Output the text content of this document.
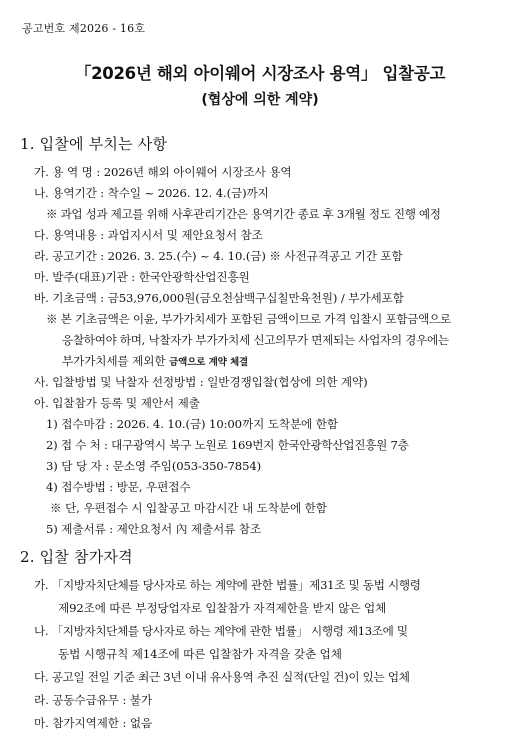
공고번호 제2026 - 16호
「2026년 해외 아이웨어 시장조사 용역」 입찰공고
(협상에 의한 계약)
1. 입찰에 부치는 사항
가. 용 역 명 : 2026년 해외 아이웨어 시장조사 용역
나. 용역기간 : 착수일 ~ 2026. 12. 4.(금)까지
※ 과업 성과 제고를 위해 사후관리기간은 용역기간 종료 후 3개월 정도 진행 예정
다. 용역내용 : 과업지시서 및 제안요청서 참조
라. 공고기간 : 2026. 3. 25.(수) ~ 4. 10.(금) ※ 사전규격공고 기간 포함
마. 발주(대표)기관 : 한국안광학산업진흥원
바. 기초금액 : 금53,976,000원(금오천삼백구십칠만육천원) / 부가세포함
※ 본 기초금액은 이윤, 부가가치세가 포함된 금액이므로 가격 입찰시 포함금액으로
응찰하여야 하며, 낙찰자가 부가가치세 신고의무가 면제되는 사업자의 경우에는
부가가치세를 제외한 금액으로 계약 체결
사. 입찰방법 및 낙찰자 선정방법 : 일반경쟁입찰(협상에 의한 계약)
아. 입찰참가 등록 및 제안서 제출
1) 접수마감 : 2026. 4. 10.(금) 10:00까지 도착분에 한함
2) 접 수 처 : 대구광역시 북구 노원로 169번지 한국안광학산업진흥원 7층
3) 담 당 자 : 문소영 주임(053-350-7854)
4) 접수방법 : 방문, 우편접수
※ 단, 우편접수 시 입찰공고 마감시간 내 도착분에 한함
5) 제출서류 : 제안요청서 內 제출서류 참조
2. 입찰 참가자격
가. 「지방자치단체를 당사자로 하는 계약에 관한 법률」제31조 및 동법 시행령
제92조에 따른 부정당업자로 입찰참가 자격제한을 받지 않은 업체
나. 「지방자치단체를 당사자로 하는 계약에 관한 법률」 시행령 제13조에 및
동법 시행규칙 제14조에 따른 입찰참가 자격을 갖춘 업체
다. 공고일 전일 기준 최근 3년 이내 유사용역 추진 실적(단일 건)이 있는 업체
라. 공동수급유무 : 불가
마. 참가지역제한 : 없음
